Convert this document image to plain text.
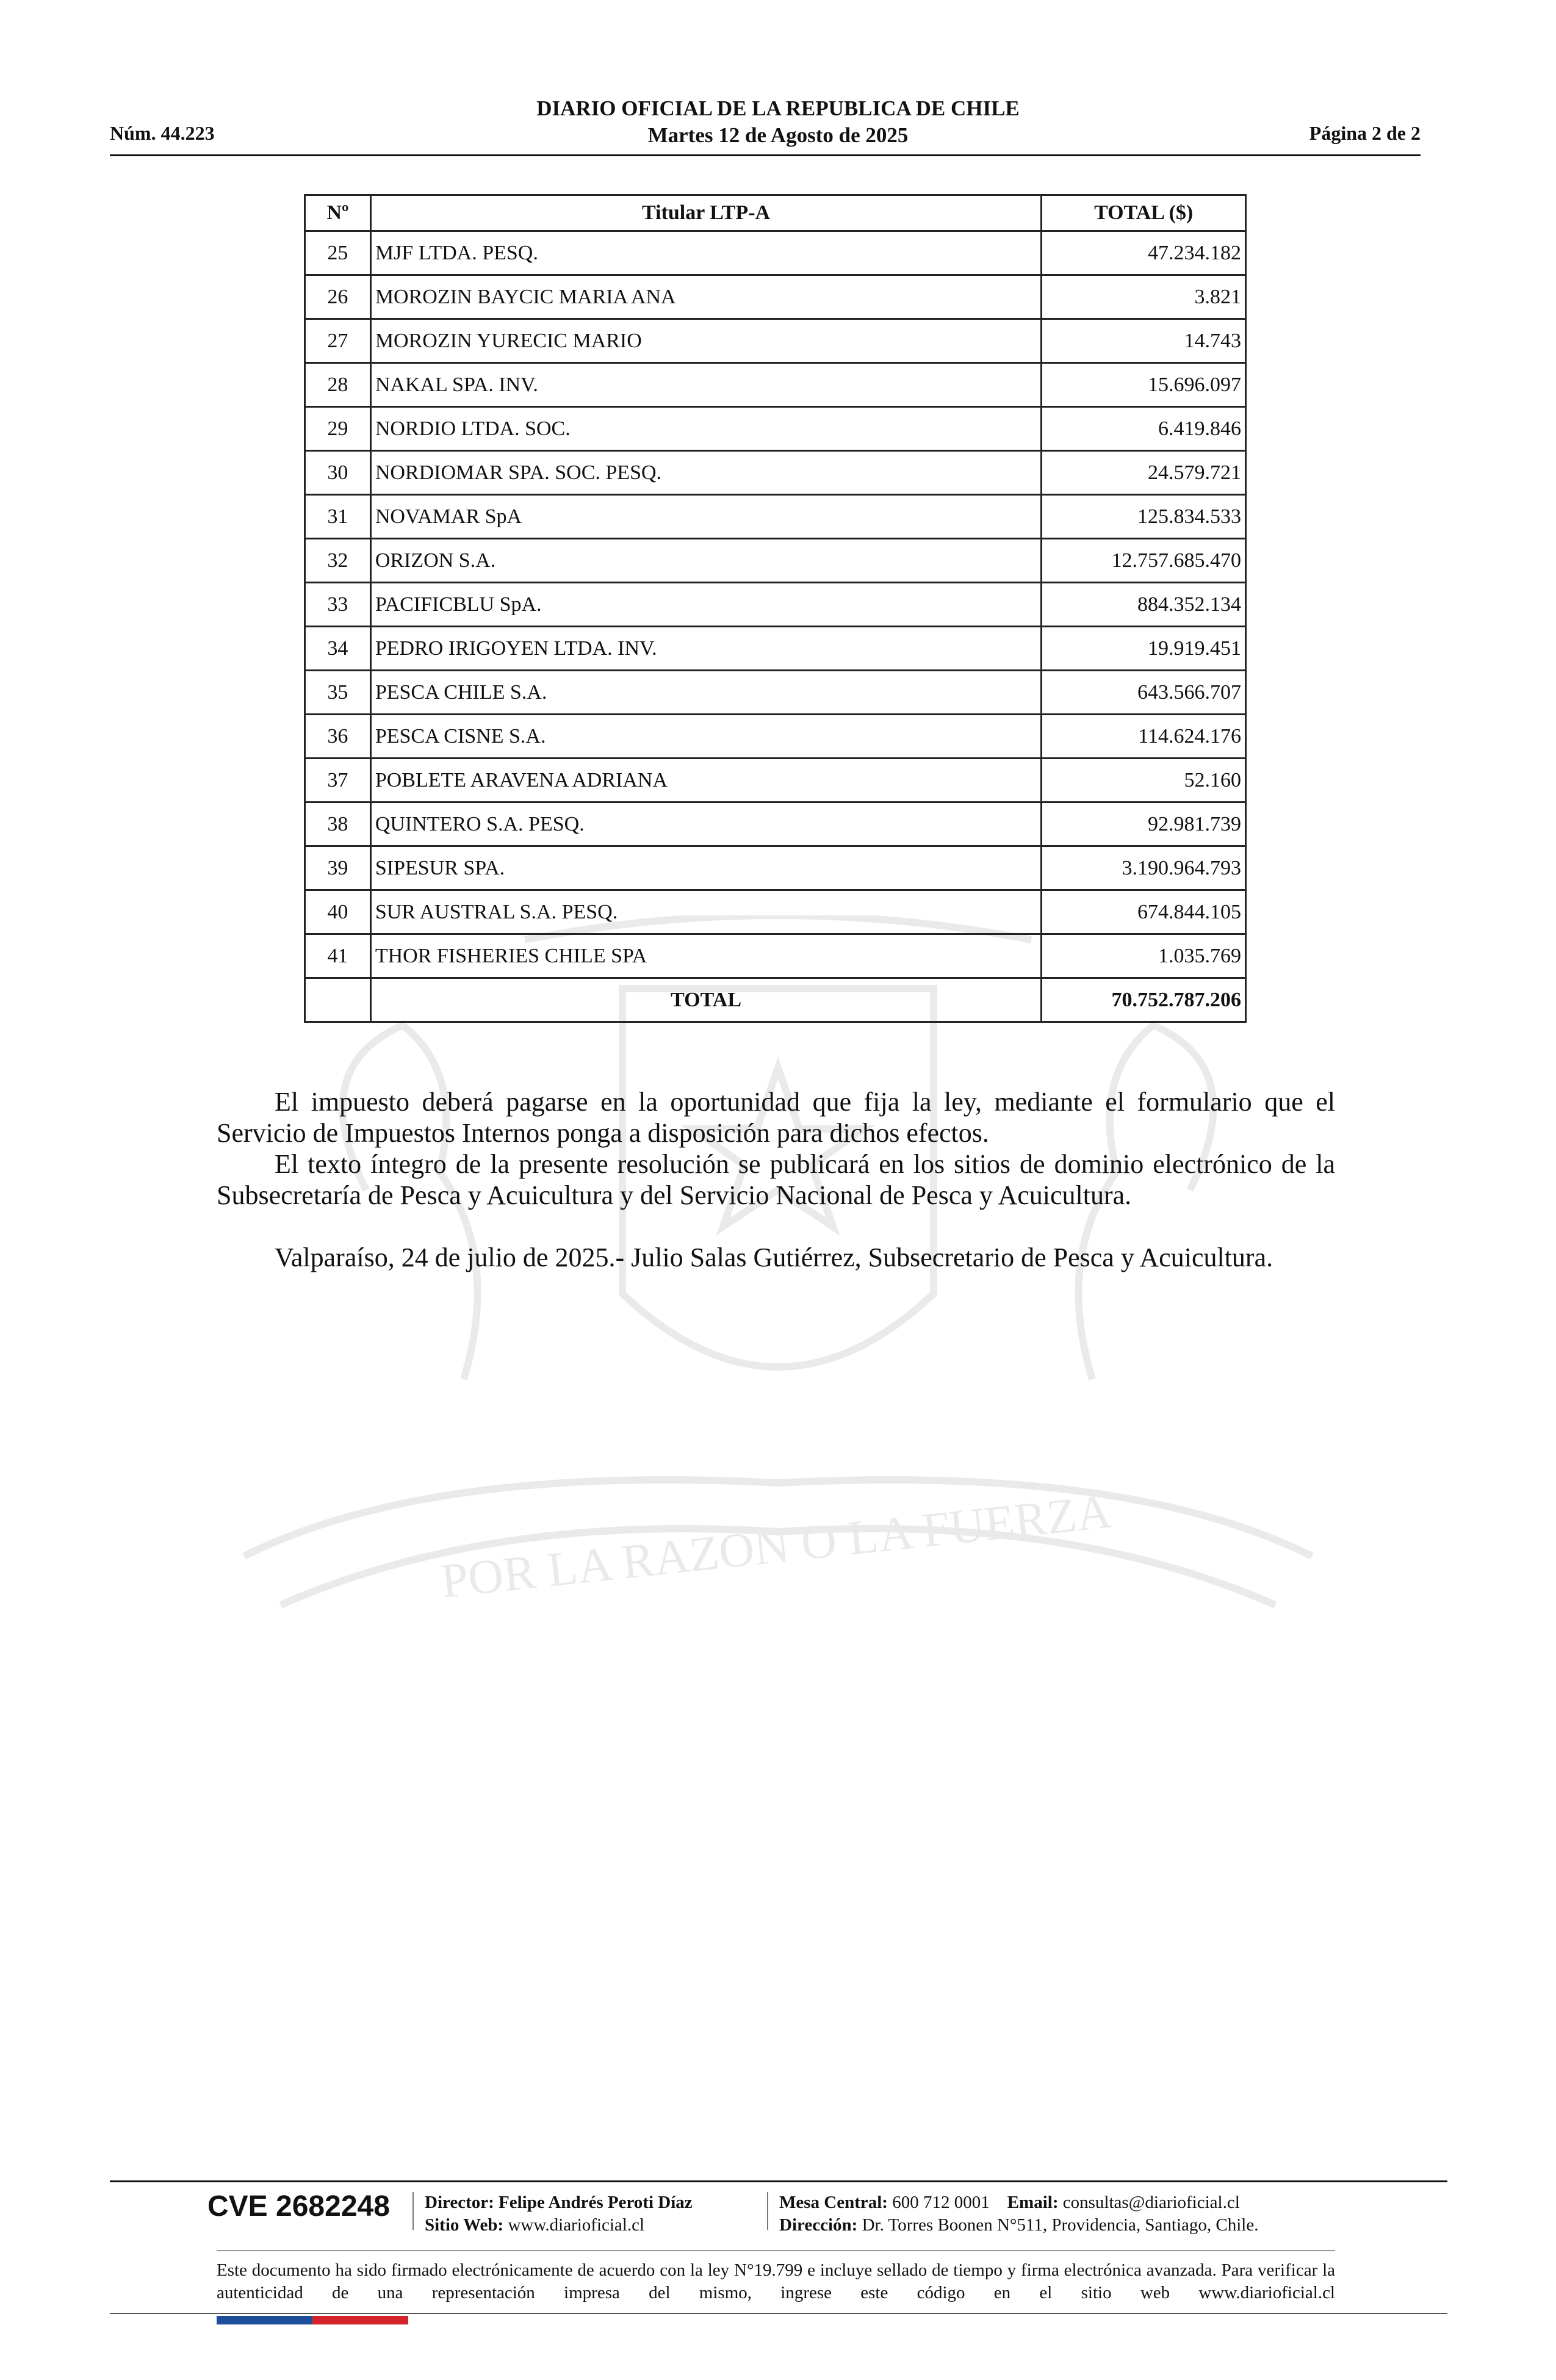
POR LA RAZON O LA FUERZA
Núm. 44.223
DIARIO OFICIAL DE LA REPUBLICA DE CHILE
Martes 12 de Agosto de 2025	Página 2 de 2
Nº	Titular LTP-A	TOTAL ($)
25	MJF LTDA. PESQ.	47.234.182
26	MOROZIN BAYCIC MARIA ANA	3.821
27	MOROZIN YURECIC MARIO	14.743
28	NAKAL SPA. INV.	15.696.097
29	NORDIO LTDA. SOC.	6.419.846
30	NORDIOMAR SPA. SOC. PESQ.	24.579.721
31	NOVAMAR SpA	125.834.533
32	ORIZON S.A.	12.757.685.470
33	PACIFICBLU SpA.	884.352.134
34	PEDRO IRIGOYEN LTDA. INV.	19.919.451
35	PESCA CHILE S.A.	643.566.707
36	PESCA CISNE S.A.	114.624.176
37	POBLETE ARAVENA ADRIANA	52.160
38	QUINTERO S.A. PESQ.	92.981.739
39	SIPESUR SPA.	3.190.964.793
40	SUR AUSTRAL S.A. PESQ.	674.844.105
41	THOR FISHERIES CHILE SPA	1.035.769
	TOTAL	70.752.787.206

El impuesto deberá pagarse en la oportunidad que fija la ley, mediante el formulario que el Servicio de Impuestos Internos ponga a disposición para dichos efectos.

El texto íntegro de la presente resolución se publicará en los sitios de dominio electrónico de la Subsecretaría de Pesca y Acuicultura y del Servicio Nacional de Pesca y Acuicultura.

Valparaíso, 24 de julio de 2025.- Julio Salas Gutiérrez, Subsecretario de Pesca y Acuicultura.

CVE 2682248 Director: Felipe Andrés Peroti Díaz
Sitio Web: www.diarioficial.cl
Mesa Central: 600 712 0001 Email: consultas@diarioficial.cl
Dirección: Dr. Torres Boonen N°511, Providencia, Santiago, Chile.
Este documento ha sido firmado electrónicamente de acuerdo con la ley N°19.799 e incluye sellado de tiempo y firma electrónica avanzada. Para verificar la autenticidad de una representación impresa del mismo, ingrese este código en el sitio web www.diarioficial.cl
